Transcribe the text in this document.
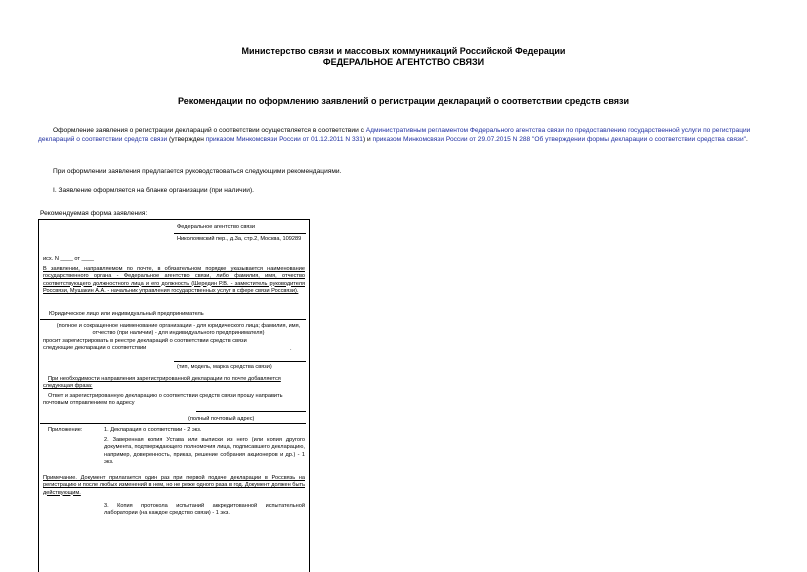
Министерство связи и массовых коммуникаций Российской Федерации
ФЕДЕРАЛЬНОЕ АГЕНТСТВО СВЯЗИ
Рекомендации по оформлению заявлений о регистрации деклараций о соответствии средств связи
Оформление заявления о регистрации деклараций о соответствии осуществляется в соответствии с Административным регламентом Федерального агентства связи по предоставлению государственной услуги по регистрации деклараций о соответствии средств связи (утвержден приказом Минкомсвязи России от 01.12.2011 N 331) и приказом Минкомсвязи России от 29.07.2015 N 288 "Об утверждении формы декларации о соответствии средства связи".
При оформлении заявления предлагается руководствоваться следующими рекомендациями.
I. Заявление оформляется на бланке организации (при наличии).
Рекомендуемая форма заявления:
Федеральное агентство связи
Николоямский пер., д.3а, стр.2, Москва, 109289
исх. N ____ от ____
В заявлении, направляемом по почте, в обязательном порядке указывается наименование государственного органа - Федеральное агентство связи, либо фамилия, имя, отчество соответствующего должностного лица и его должность (Шередин Р.В. - заместитель руководителя Россвязи, Мушакин А.А. - начальник управления государственных услуг в сфере связи Россвязи).
Юридическое лицо или индивидуальный предприниматель
(полное и сокращенное наименование организации - для юридического лица; фамилия, имя, отчество (при наличии) - для индивидуального предпринимателя)
просит зарегистрировать в реестре деклараций о соответствии средств связи следующие декларации о соответствии	.
(тип, модель, марка средства связи)
При необходимости направления зарегистрированной декларации по почте добавляется следующая фраза:
Ответ и зарегистрированную декларацию о соответствии средств связи прошу направить почтовым отправлением по адресу
(полный почтовый адрес)
Приложение:	1. Декларация о соответствии - 2 экз.
2. Заверенная копия Устава или выписки из него (или копия другого документа, подтверждающего полномочия лица, подписавшего декларацию, например, доверенность, приказ, решение собрания акционеров и др.) - 1 экз.
Примечание. Документ прилагается один раз при первой подаче декларации в Россвязь на регистрацию и после любых изменений в нем, но не реже одного раза в год. Документ должен быть действующим.
3. Копия протокола испытаний аккредитованной испытательной лаборатории (на каждое средство связи) - 1 экз.
